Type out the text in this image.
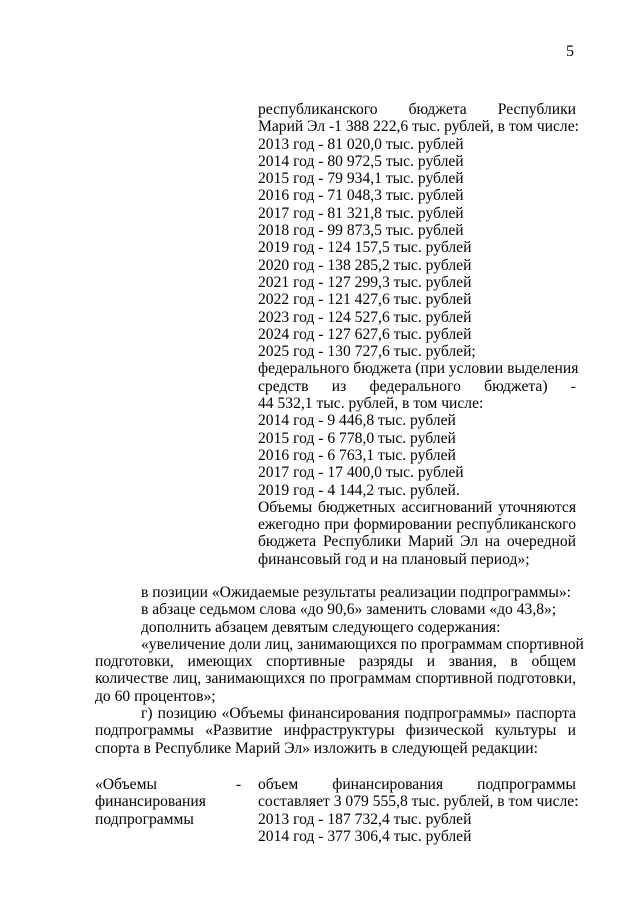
5
республиканского бюджета Республики
Марий Эл -1 388 222,6 тыс. рублей, в том числе:
2013 год - 81 020,0 тыс. рублей
2014 год - 80 972,5 тыс. рублей
2015 год - 79 934,1 тыс. рублей
2016 год - 71 048,3 тыс. рублей
2017 год - 81 321,8 тыс. рублей
2018 год - 99 873,5 тыс. рублей
2019 год - 124 157,5 тыс. рублей
2020 год - 138 285,2 тыс. рублей
2021 год - 127 299,3 тыс. рублей
2022 год - 121 427,6 тыс. рублей
2023 год - 124 527,6 тыс. рублей
2024 год - 127 627,6 тыс. рублей
2025 год - 130 727,6 тыс. рублей;
федерального бюджета (при условии выделения
средств из федерального бюджета) -
44 532,1 тыс. рублей, в том числе:
2014 год - 9 446,8 тыс. рублей
2015 год - 6 778,0 тыс. рублей
2016 год - 6 763,1 тыс. рублей
2017 год - 17 400,0 тыс. рублей
2019 год - 4 144,2 тыс. рублей.
Объемы бюджетных ассигнований уточняются
ежегодно при формировании республиканского
бюджета Республики Марий Эл на очередной
финансовый год и на плановый период»;
в позиции «Ожидаемые результаты реализации подпрограммы»:
в абзаце седьмом слова «до 90,6» заменить словами «до 43,8»;
дополнить абзацем девятым следующего содержания:
«увеличение доли лиц, занимающихся по программам спортивной
подготовки, имеющих спортивные разряды и звания, в общем
количестве лиц, занимающихся по программам спортивной подготовки,
до 60 процентов»;
г) позицию «Объемы финансирования подпрограммы» паспорта
подпрограммы «Развитие инфраструктуры физической культуры и
спорта в Республике Марий Эл» изложить в следующей редакции:
«Объемы
финансирования
подпрограммы
- объем финансирования подпрограммы
составляет 3 079 555,8 тыс. рублей, в том числе:
2013 год - 187 732,4 тыс. рублей
2014 год - 377 306,4 тыс. рублей
